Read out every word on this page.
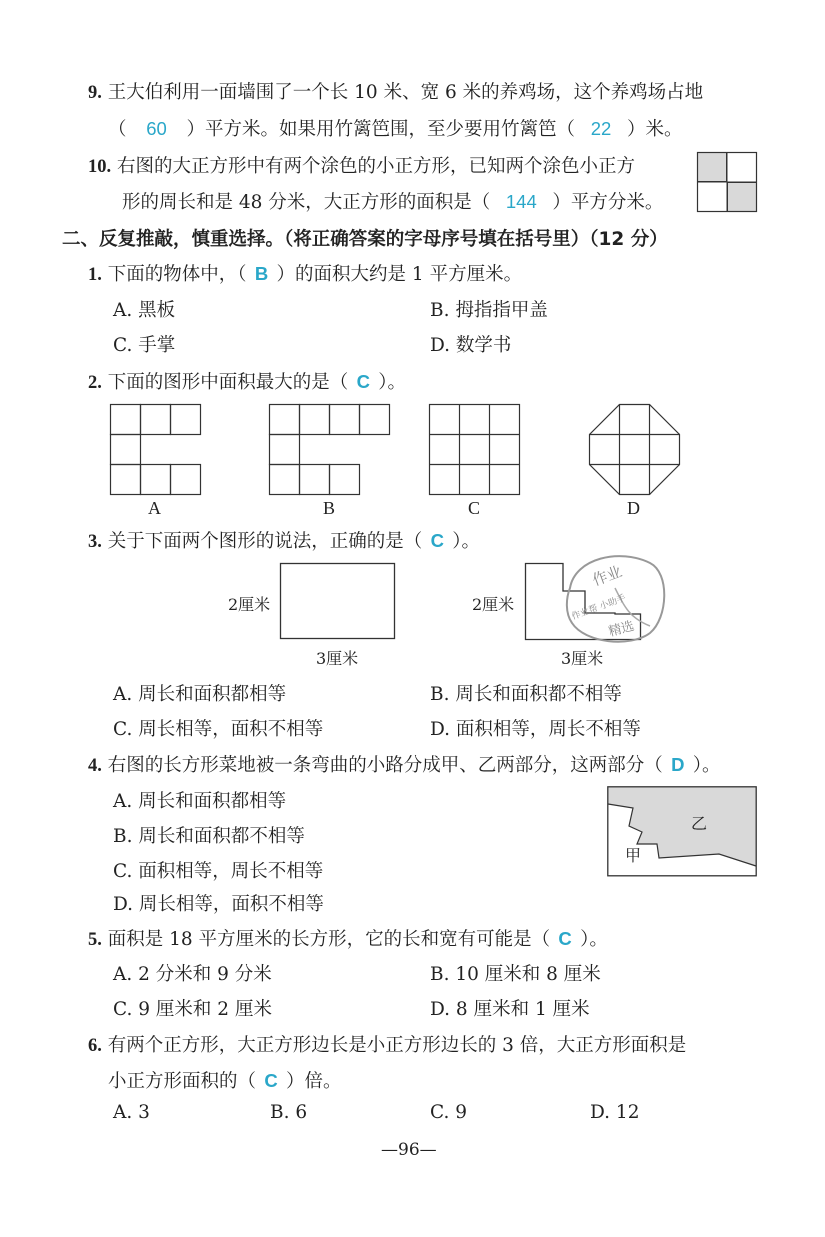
9. 王大伯利用一面墙围了一个长 10 米、宽 6 米的养鸡场，这个养鸡场占地
（ 60 ）平方米。如果用竹篱笆围，至少要用竹篱笆（ 22 ）米。
10. 右图的大正方形中有两个涂色的小正方形，已知两个涂色小正方
形的周长和是 48 分米，大正方形的面积是（ 144 ）平方分米。
二、反复推敲，慎重选择。（将正确答案的字母序号填在括号里）（12 分）
1. 下面的物体中，（ B ）的面积大约是 1 平方厘米。
A. 黑板	B. 拇指指甲盖
C. 手掌	D. 数学书
2. 下面的图形中面积最大的是（ C ）。
A	B	C	D
3. 关于下面两个图形的说法，正确的是（ C ）。
2厘米
3厘米
2厘米
3厘米
作业
作业帮 小助手
精选
A. 周长和面积都相等	B. 周长和面积都不相等
C. 周长相等，面积不相等	D. 面积相等，周长不相等
4. 右图的长方形菜地被一条弯曲的小路分成甲、乙两部分，这两部分（ D ）。
A. 周长和面积都相等
B. 周长和面积都不相等
C. 面积相等，周长不相等
D. 周长相等，面积不相等
甲
乙
5. 面积是 18 平方厘米的长方形，它的长和宽有可能是（ C ）。
A. 2 分米和 9 分米	B. 10 厘米和 8 厘米
C. 9 厘米和 2 厘米	D. 8 厘米和 1 厘米
6. 有两个正方形，大正方形边长是小正方形边长的 3 倍，大正方形面积是
小正方形面积的（ C ）倍。
A. 3	B. 6	C. 9	D. 12
—96—
